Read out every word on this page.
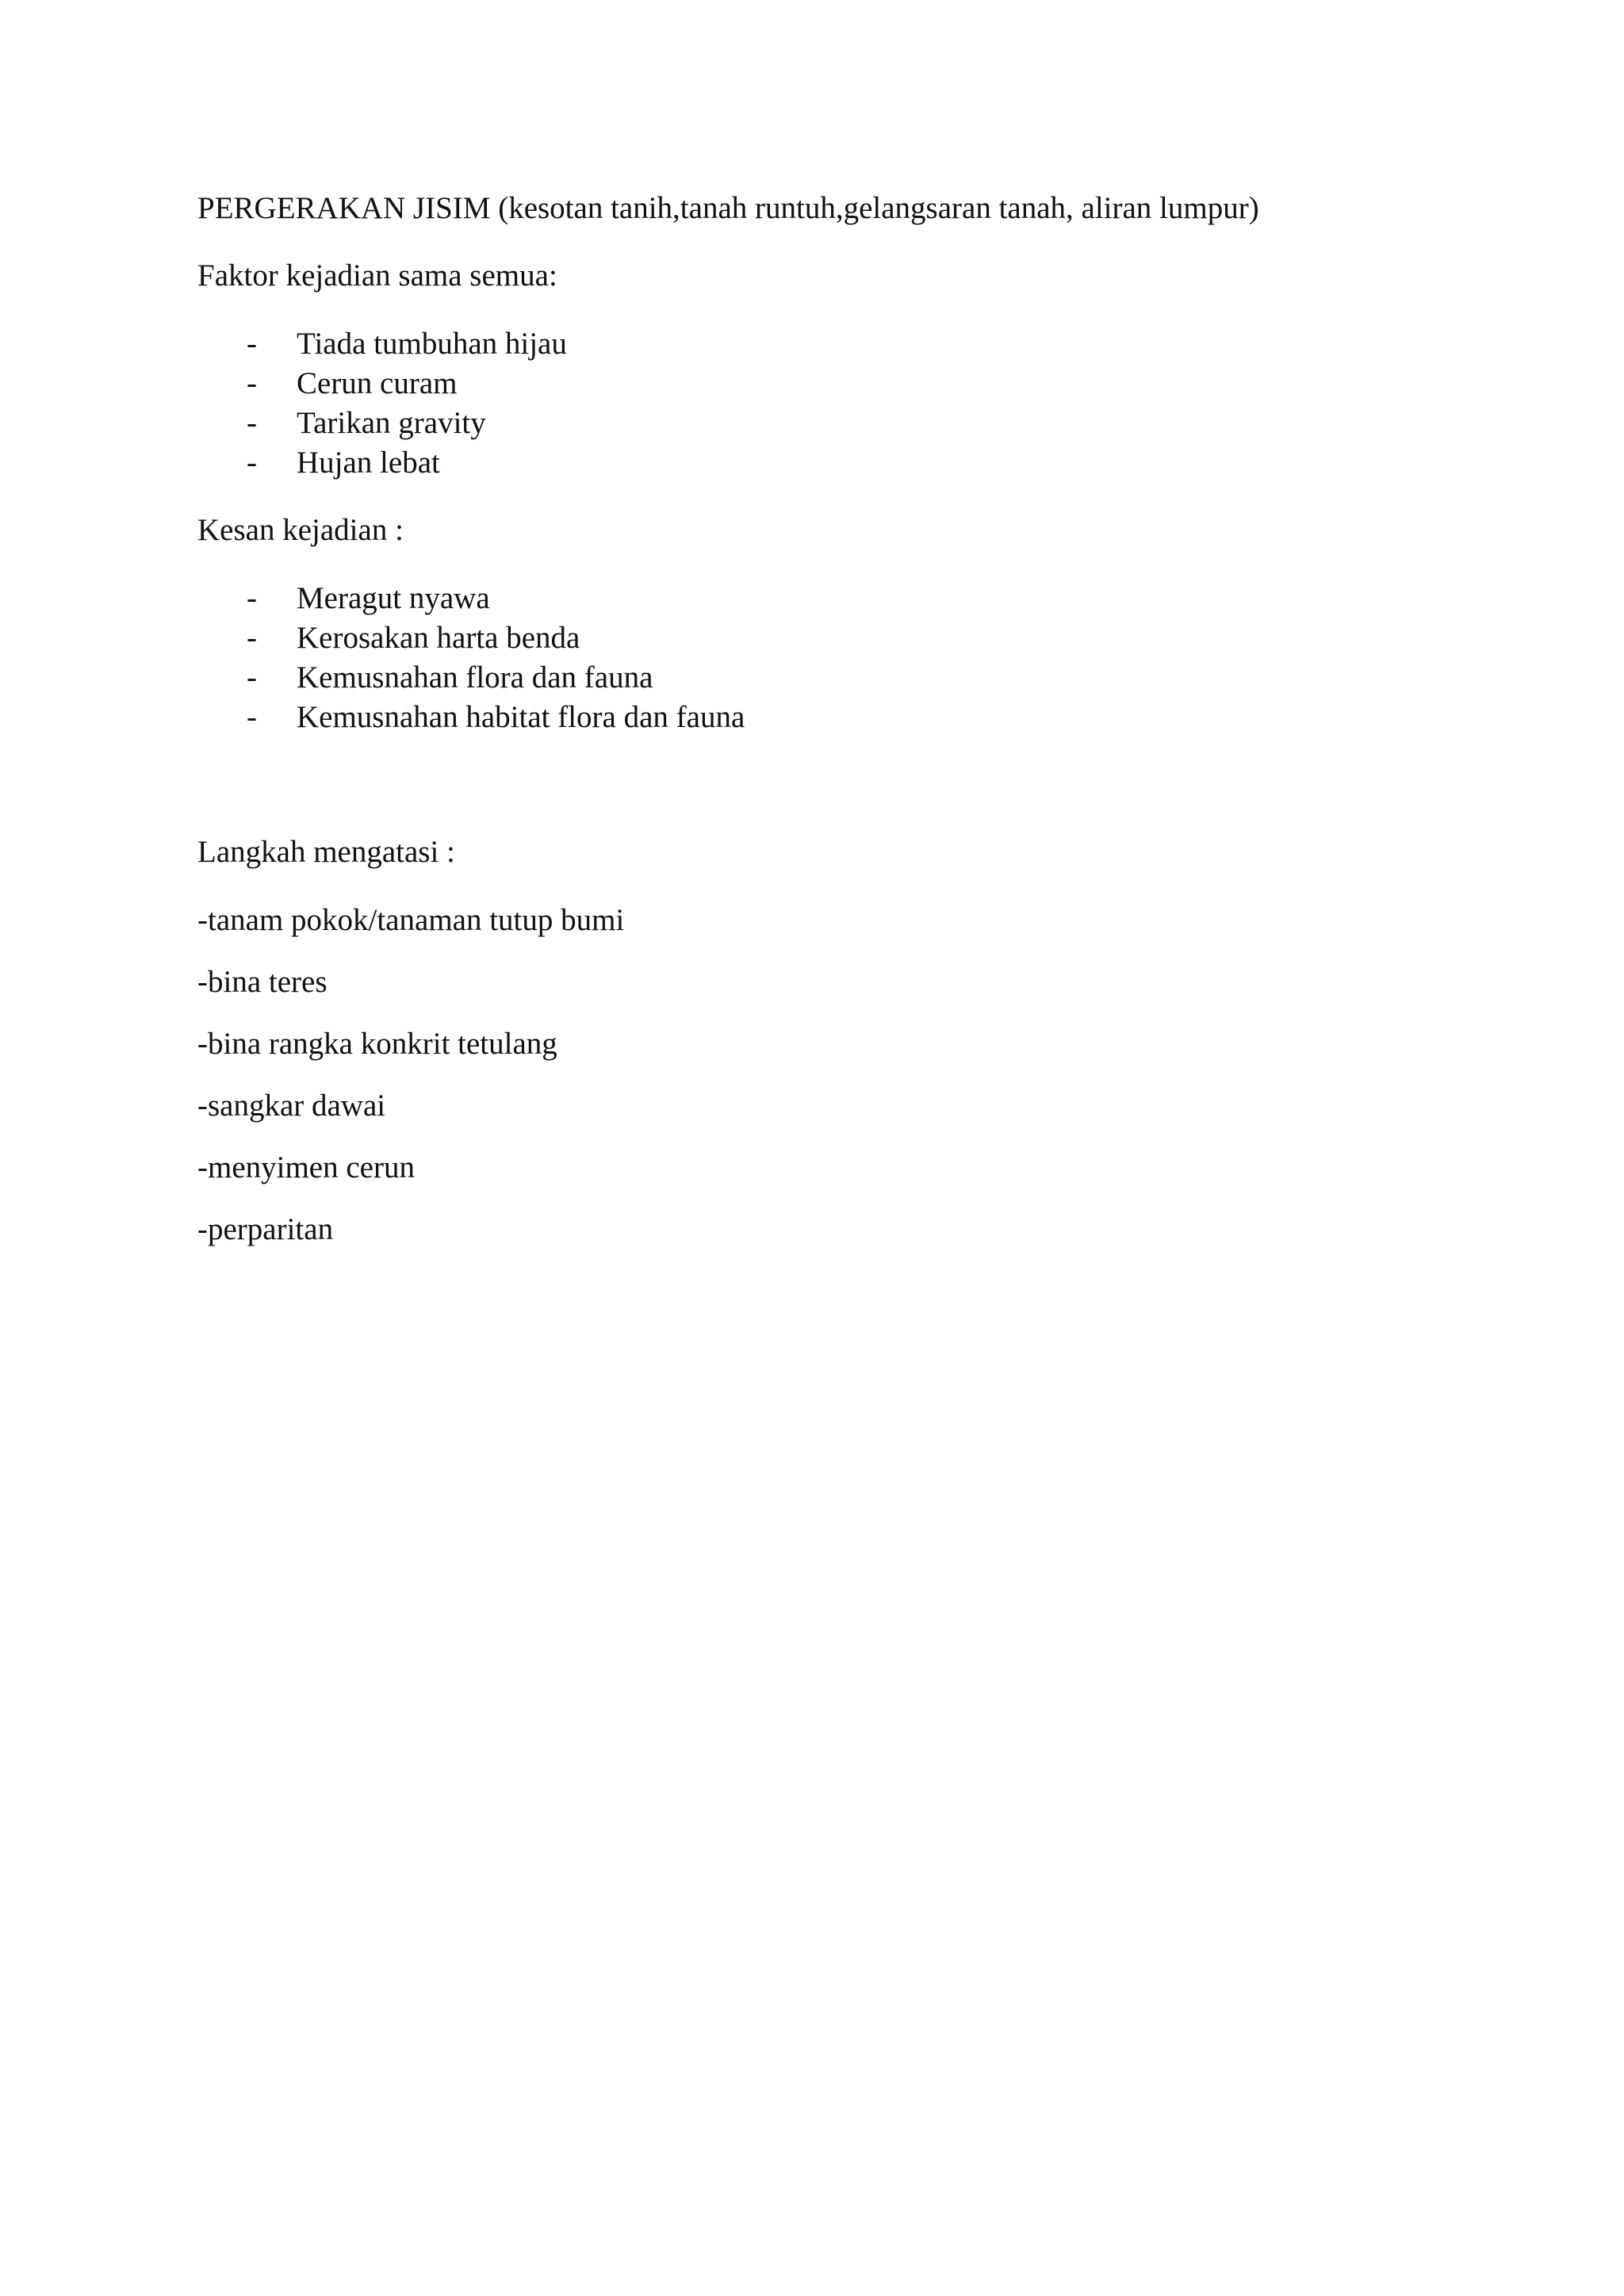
PERGERAKAN JISIM (kesotan tanih,tanah runtuh,gelangsaran tanah, aliran lumpur)

Faktor kejadian sama semua:

- Tiada tumbuhan hijau
- Cerun curam
- Tarikan gravity
- Hujan lebat

Kesan kejadian :

- Meragut nyawa
- Kerosakan harta benda
- Kemusnahan flora dan fauna
- Kemusnahan habitat flora dan fauna

Langkah mengatasi :

-tanam pokok/tanaman tutup bumi

-bina teres

-bina rangka konkrit tetulang

-sangkar dawai

-menyimen cerun

-perparitan
